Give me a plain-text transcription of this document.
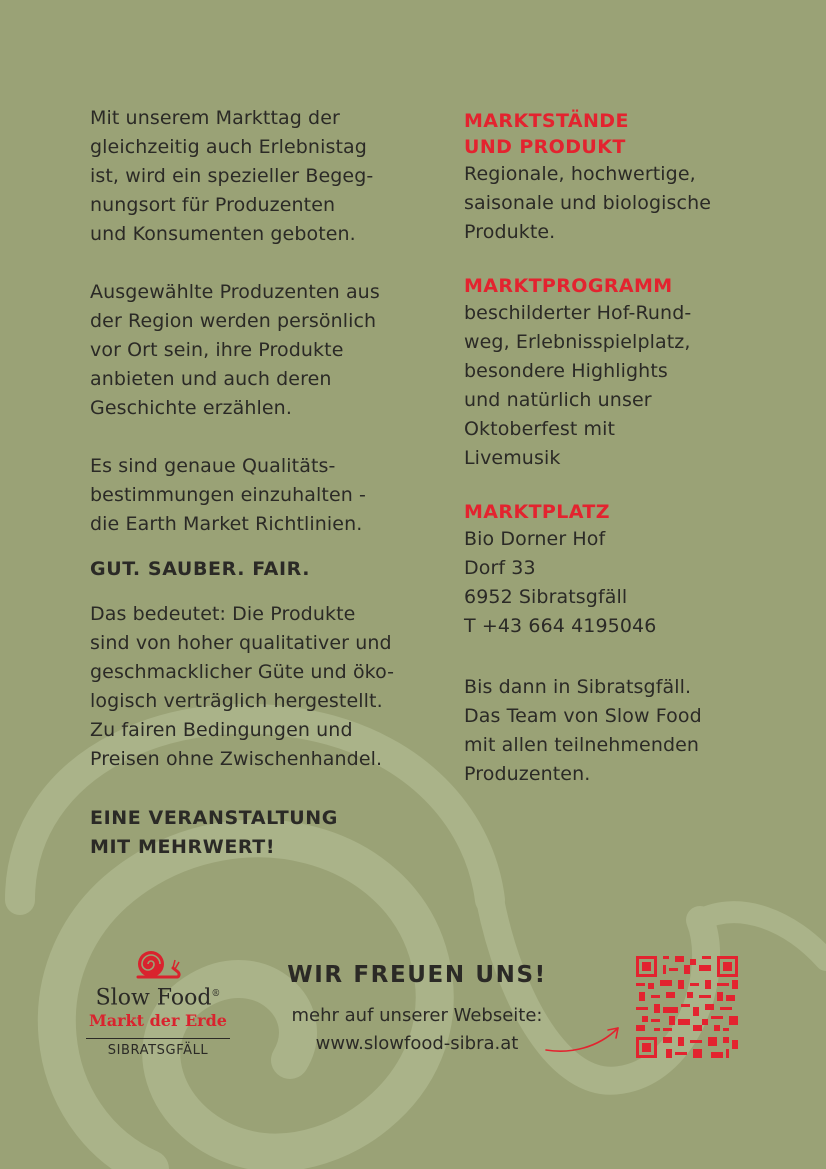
Mit unserem Markttag der
gleichzeitig auch Erlebnistag
ist, wird ein spezieller Begeg-
nungsort für Produzenten
und Konsumenten geboten.

Ausgewählte Produzenten aus
der Region werden persönlich
vor Ort sein, ihre Produkte
anbieten und auch deren
Geschichte erzählen.

Es sind genaue Qualitäts-
bestimmungen einzuhalten -
die Earth Market Richtlinien.

GUT. SAUBER. FAIR.

Das bedeutet: Die Produkte
sind von hoher qualitativer und
geschmacklicher Güte und öko-
logisch verträglich hergestellt.
Zu fairen Bedingungen und
Preisen ohne Zwischenhandel.

EINE VERANSTALTUNG
MIT MEHRWERT!

MARKTSTÄNDE
UND PRODUKT

Regionale, hochwertige,
saisonale und biologische
Produkte.

MARKTPROGRAMM

beschilderter Hof-Rund-
weg, Erlebnisspielplatz,
besondere Highlights
und natürlich unser
Oktoberfest mit
Livemusik

MARKTPLATZ

Bio Dorner Hof
Dorf 33
6952 Sibratsgfäll
T +43 664 4195046

Bis dann in Sibratsgfäll.
Das Team von Slow Food
mit allen teilnehmenden
Produzenten.

Slow Food®
Markt der Erde
SIBRATSGFÄLL

WIR FREUEN UNS!

mehr auf unserer Webseite:

www.slowfood-sibra.at
